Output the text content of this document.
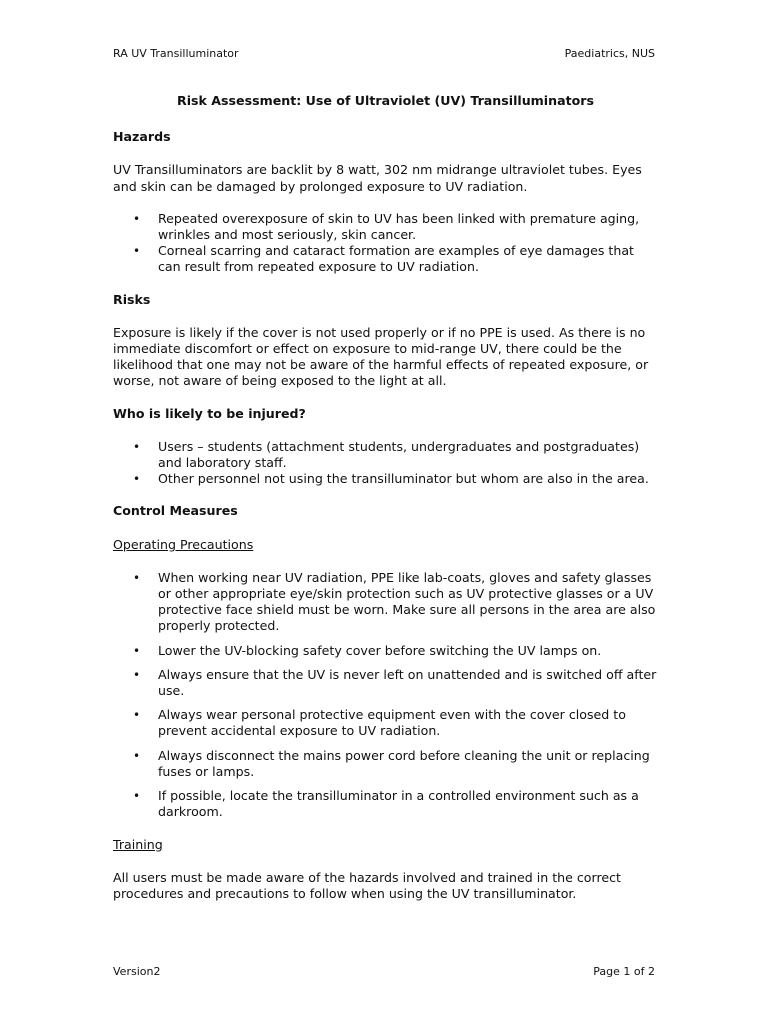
RA UV Transilluminator	Paediatrics, NUS
Risk Assessment: Use of Ultraviolet (UV) Transilluminators
Hazards
UV Transilluminators are backlit by 8 watt, 302 nm midrange ultraviolet tubes. Eyes and skin can be damaged by prolonged exposure to UV radiation.
• Repeated overexposure of skin to UV has been linked with premature aging, wrinkles and most seriously, skin cancer.
• Corneal scarring and cataract formation are examples of eye damages that can result from repeated exposure to UV radiation.
Risks
Exposure is likely if the cover is not used properly or if no PPE is used. As there is no immediate discomfort or effect on exposure to mid-range UV, there could be the likelihood that one may not be aware of the harmful effects of repeated exposure, or worse, not aware of being exposed to the light at all.
Who is likely to be injured?
• Users – students (attachment students, undergraduates and postgraduates) and laboratory staff.
• Other personnel not using the transilluminator but whom are also in the area.
Control Measures
Operating Precautions
• When working near UV radiation, PPE like lab-coats, gloves and safety glasses or other appropriate eye/skin protection such as UV protective glasses or a UV protective face shield must be worn. Make sure all persons in the area are also properly protected.
• Lower the UV-blocking safety cover before switching the UV lamps on.
• Always ensure that the UV is never left on unattended and is switched off after use.
• Always wear personal protective equipment even with the cover closed to prevent accidental exposure to UV radiation.
• Always disconnect the mains power cord before cleaning the unit or replacing fuses or lamps.
• If possible, locate the transilluminator in a controlled environment such as a darkroom.
Training
All users must be made aware of the hazards involved and trained in the correct procedures and precautions to follow when using the UV transilluminator.
Version2	Page 1 of 2
